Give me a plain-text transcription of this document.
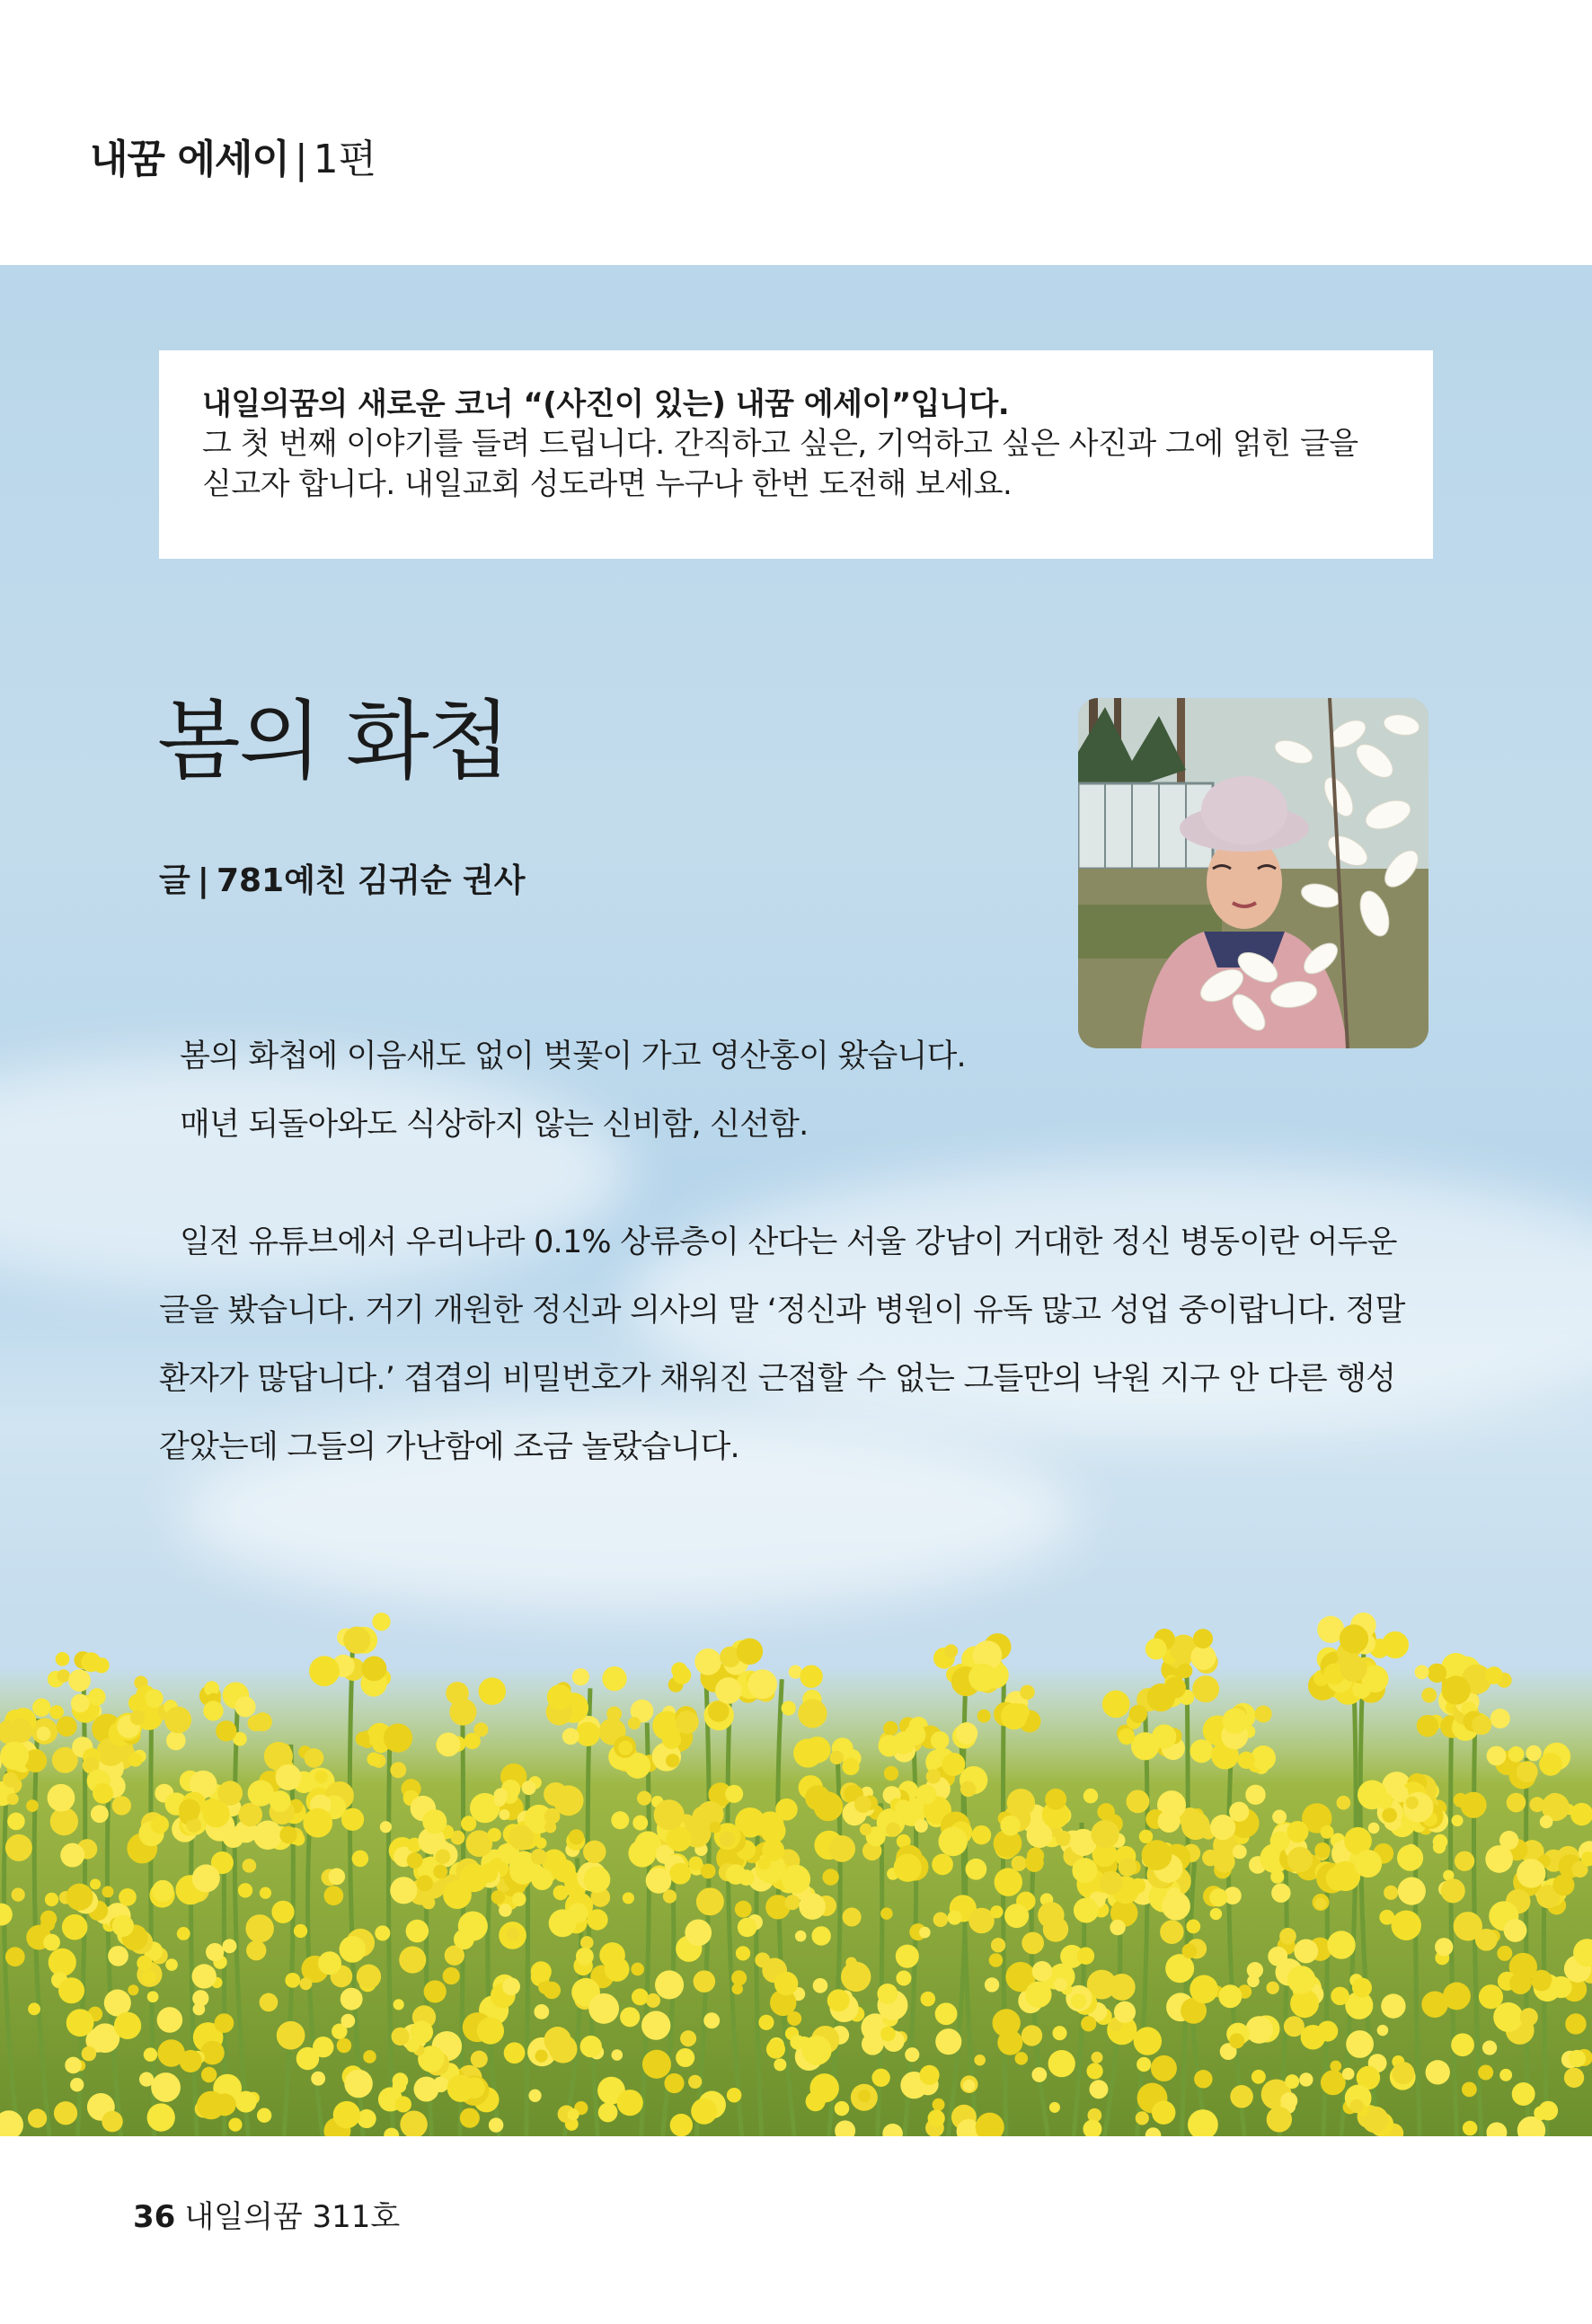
내꿈 에세이 | 1편
내일의꿈의 새로운 코너 “(사진이 있는) 내꿈 에세이”입니다.
그 첫 번째 이야기를 들려 드립니다. 간직하고 싶은, 기억하고 싶은 사진과 그에 얽힌 글을 싣고자 합니다. 내일교회 성도라면 누구나 한번 도전해 보세요.
봄의 화첩
글 | 781예친 김귀순 권사
봄의 화첩에 이음새도 없이 벚꽃이 가고 영산홍이 왔습니다.
매년 되돌아와도 식상하지 않는 신비함, 신선함.
일전 유튜브에서 우리나라 0.1% 상류층이 산다는 서울 강남이 거대한 정신 병동이란 어두운 글을 봤습니다. 거기 개원한 정신과 의사의 말 ‘정신과 병원이 유독 많고 성업 중이랍니다. 정말 환자가 많답니다.’ 겹겹의 비밀번호가 채워진 근접할 수 없는 그들만의 낙원 지구 안 다른 행성 같았는데 그들의 가난함에 조금 놀랐습니다.
36 내일의꿈 311호
